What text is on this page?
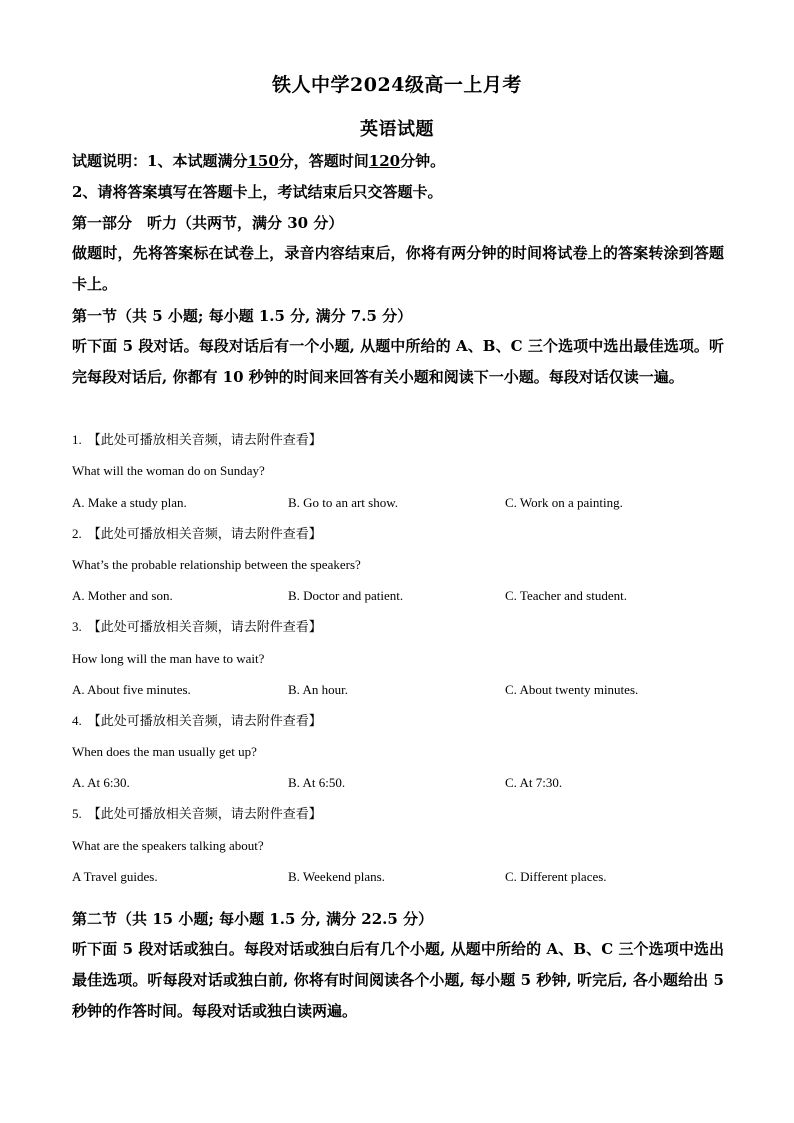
铁人中学2024级高一上月考
英语试题
试题说明：1、本试题满分150分，答题时间120分钟。
2、请将答案填写在答题卡上，考试结束后只交答题卡。
第一部分　听力（共两节，满分 30 分）
做题时，先将答案标在试卷上，录音内容结束后，你将有两分钟的时间将试卷上的答案转涂到答题卡上。
第一节（共 5 小题; 每小题 1.5 分, 满分 7.5 分）
听下面 5 段对话。每段对话后有一个小题, 从题中所给的 A、B、C 三个选项中选出最佳选项。听完每段对话后, 你都有 10 秒钟的时间来回答有关小题和阅读下一小题。每段对话仅读一遍。
1. 【此处可播放相关音频，请去附件查看】
What will the woman do on Sunday?
A. Make a study plan.	B. Go to an art show.	C. Work on a painting.
2. 【此处可播放相关音频，请去附件查看】
What’s the probable relationship between the speakers?
A. Mother and son.	B. Doctor and patient.	C. Teacher and student.
3. 【此处可播放相关音频，请去附件查看】
How long will the man have to wait?
A. About five minutes.	B. An hour.	C. About twenty minutes.
4. 【此处可播放相关音频，请去附件查看】
When does the man usually get up?
A. At 6:30.	B. At 6:50.	C. At 7:30.
5. 【此处可播放相关音频，请去附件查看】
What are the speakers talking about?
A Travel guides.	B. Weekend plans.	C. Different places.
第二节（共 15 小题; 每小题 1.5 分, 满分 22.5 分）
听下面 5 段对话或独白。每段对话或独白后有几个小题, 从题中所给的 A、B、C 三个选项中选出最佳选项。听每段对话或独白前, 你将有时间阅读各个小题, 每小题 5 秒钟, 听完后, 各小题给出 5 秒钟的作答时间。每段对话或独白读两遍。
